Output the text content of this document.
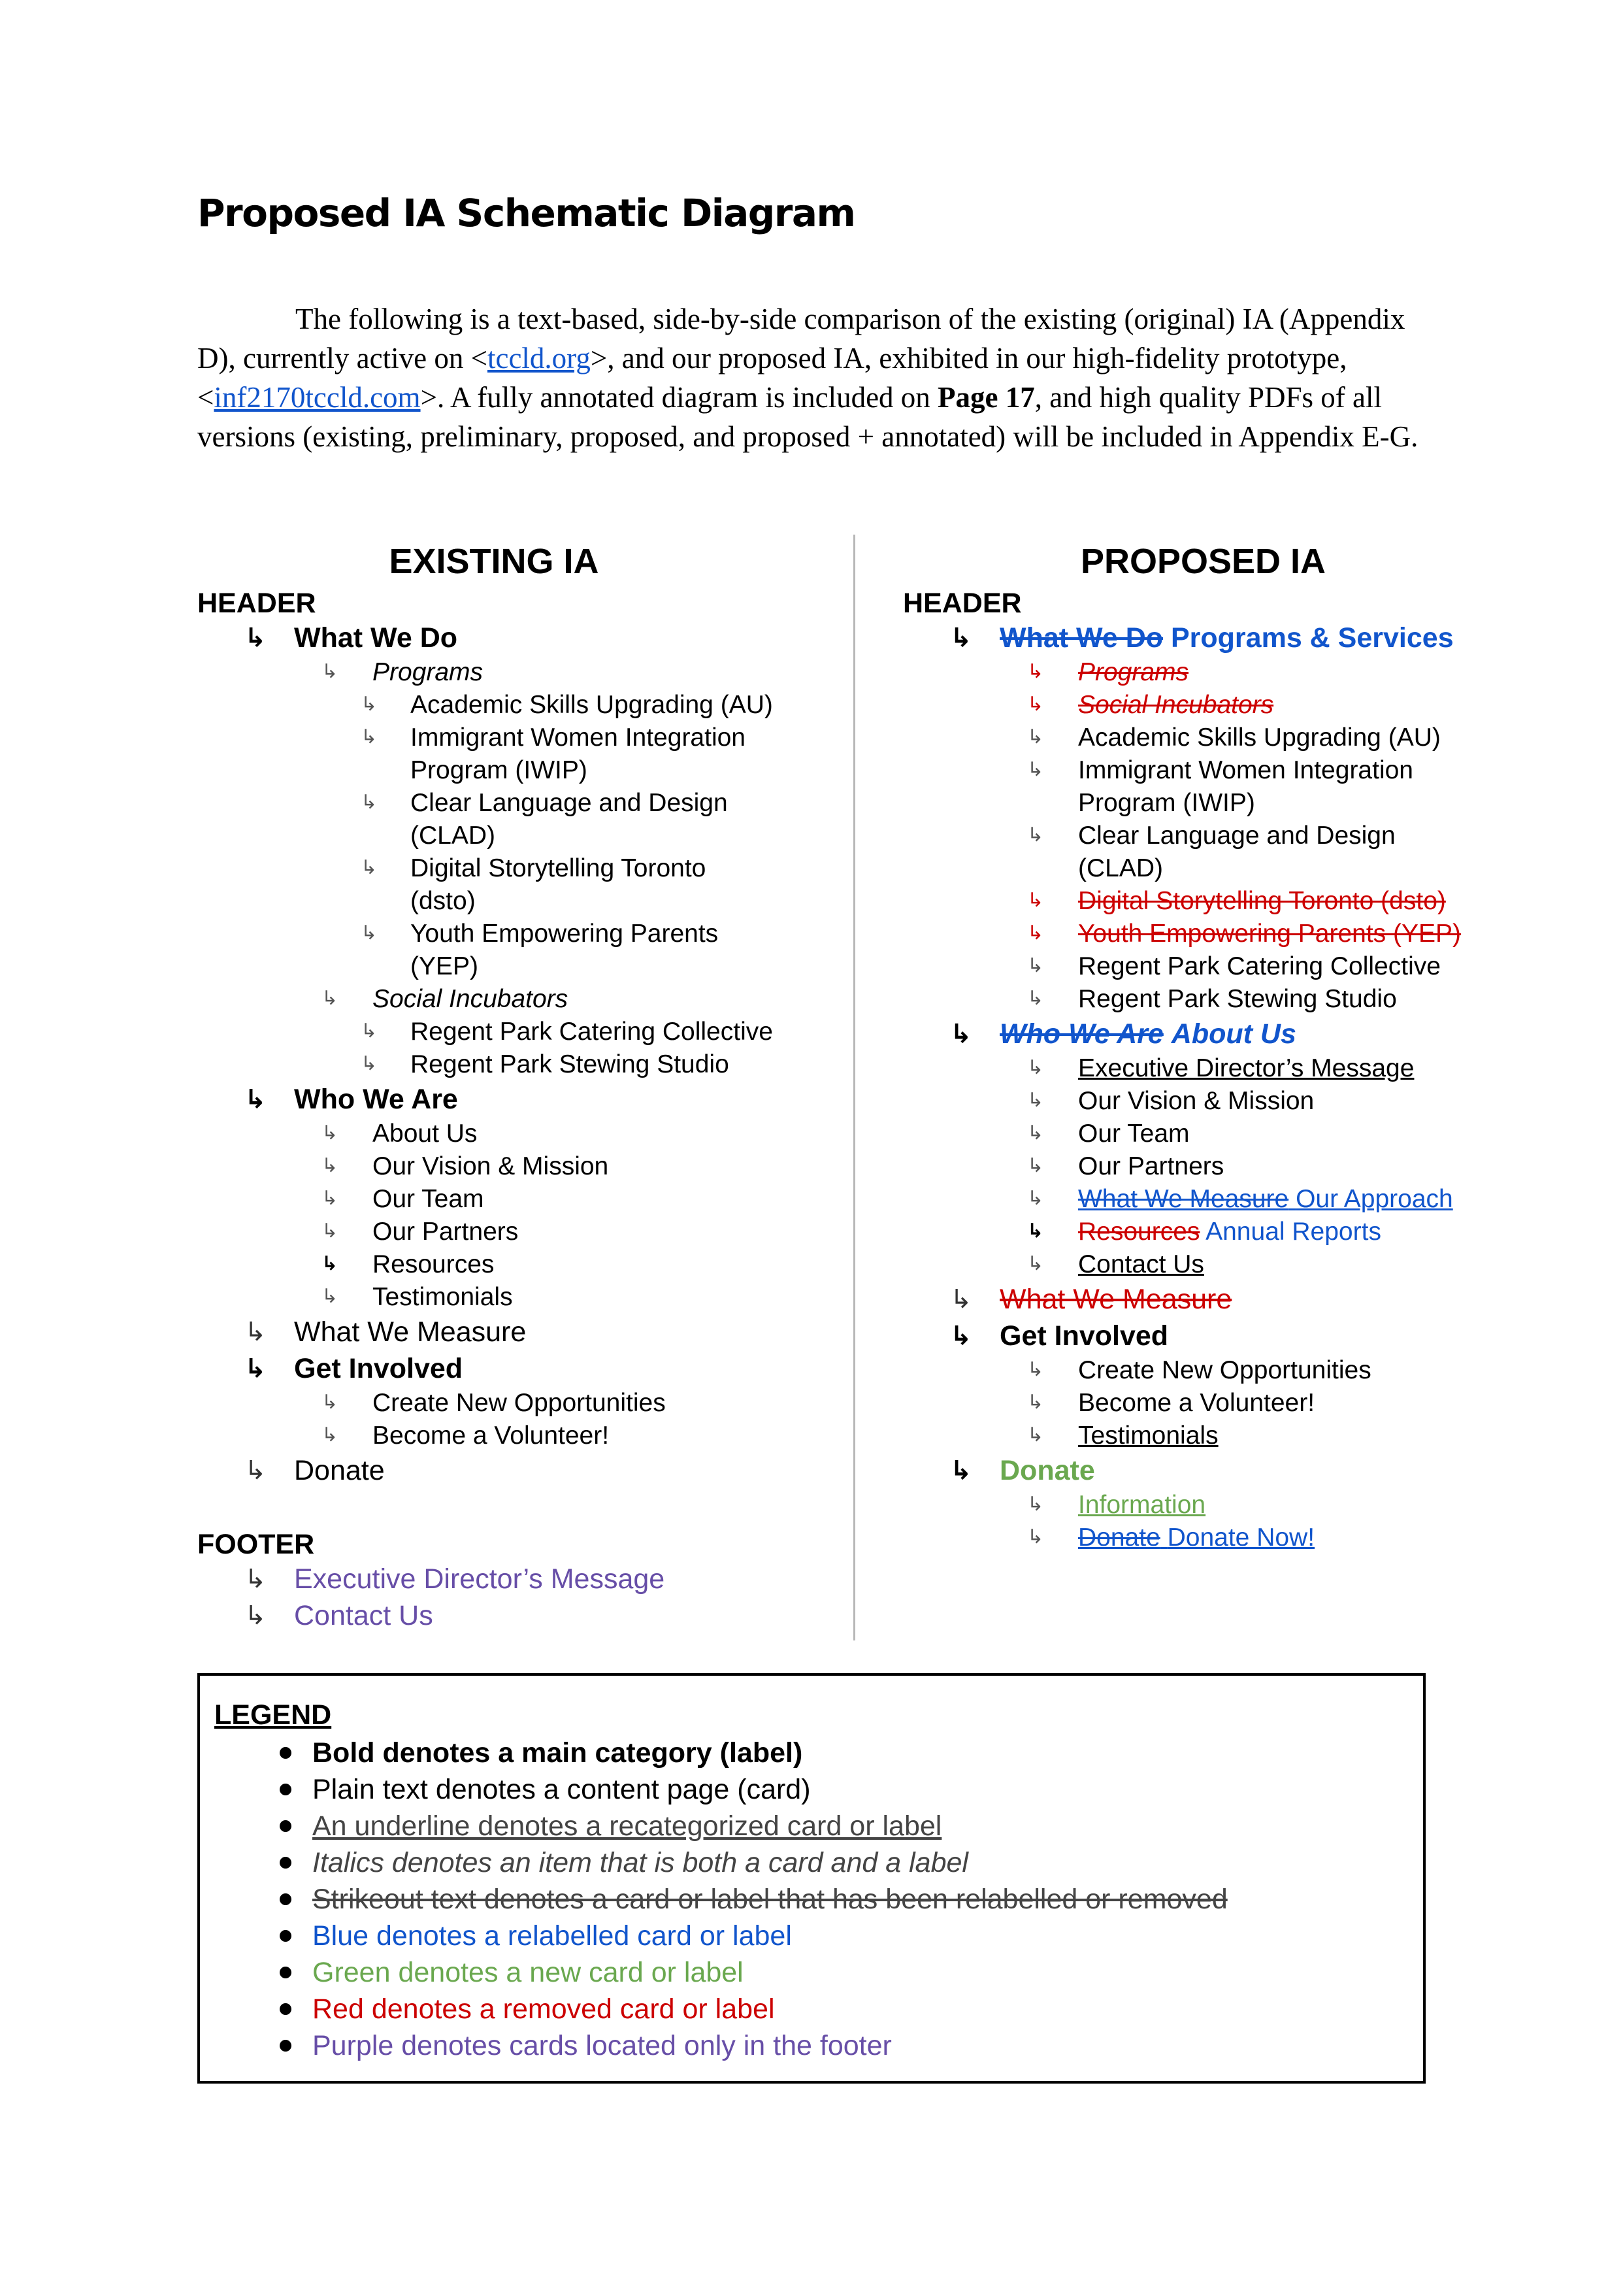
Proposed IA Schematic Diagram

The following is a text-based, side-by-side comparison of the existing (original) IA (Appendix D), currently active on <tccld.org>, and our proposed IA, exhibited in our high-fidelity prototype, <inf2170tccld.com>. A fully annotated diagram is included on Page 17, and high quality PDFs of all versions (existing, preliminary, proposed, and proposed + annotated) will be included in Appendix E-G.

EXISTING IA
HEADER
↳ What We Do
↳ Programs
↳ Academic Skills Upgrading (AU)
↳ Immigrant Women Integration
Program (IWIP)
↳ Clear Language and Design
(CLAD)
↳ Digital Storytelling Toronto
(dsto)
↳ Youth Empowering Parents
(YEP)
↳ Social Incubators
↳ Regent Park Catering Collective
↳ Regent Park Stewing Studio
↳ Who We Are
↳ About Us
↳ Our Vision & Mission
↳ Our Team
↳ Our Partners
↳ Resources
↳ Testimonials
↳ What We Measure
↳ Get Involved
↳ Create New Opportunities
↳ Become a Volunteer!
↳ Donate
FOOTER
↳ Executive Director’s Message
↳ Contact Us
PROPOSED IA
HEADER
↳ What We Do Programs & Services
↳ Programs
↳ Social Incubators
↳ Academic Skills Upgrading (AU)
↳ Immigrant Women Integration
Program (IWIP)
↳ Clear Language and Design
(CLAD)
↳ Digital Storytelling Toronto (dsto)
↳ Youth Empowering Parents (YEP)
↳ Regent Park Catering Collective
↳ Regent Park Stewing Studio
↳ Who We Are About Us
↳ Executive Director’s Message
↳ Our Vision & Mission
↳ Our Team
↳ Our Partners
↳ What We Measure Our Approach
↳ Resources Annual Reports
↳ Contact Us
↳ What We Measure
↳ Get Involved
↳ Create New Opportunities
↳ Become a Volunteer!
↳ Testimonials
↳ Donate
↳ Information
↳ Donate Donate Now!
LEGEND
Bold denotes a main category (label)
Plain text denotes a content page (card)
An underline denotes a recategorized card or label
Italics denotes an item that is both a card and a label
Strikeout text denotes a card or label that has been relabelled or removed
Blue denotes a relabelled card or label
Green denotes a new card or label
Red denotes a removed card or label
Purple denotes cards located only in the footer
